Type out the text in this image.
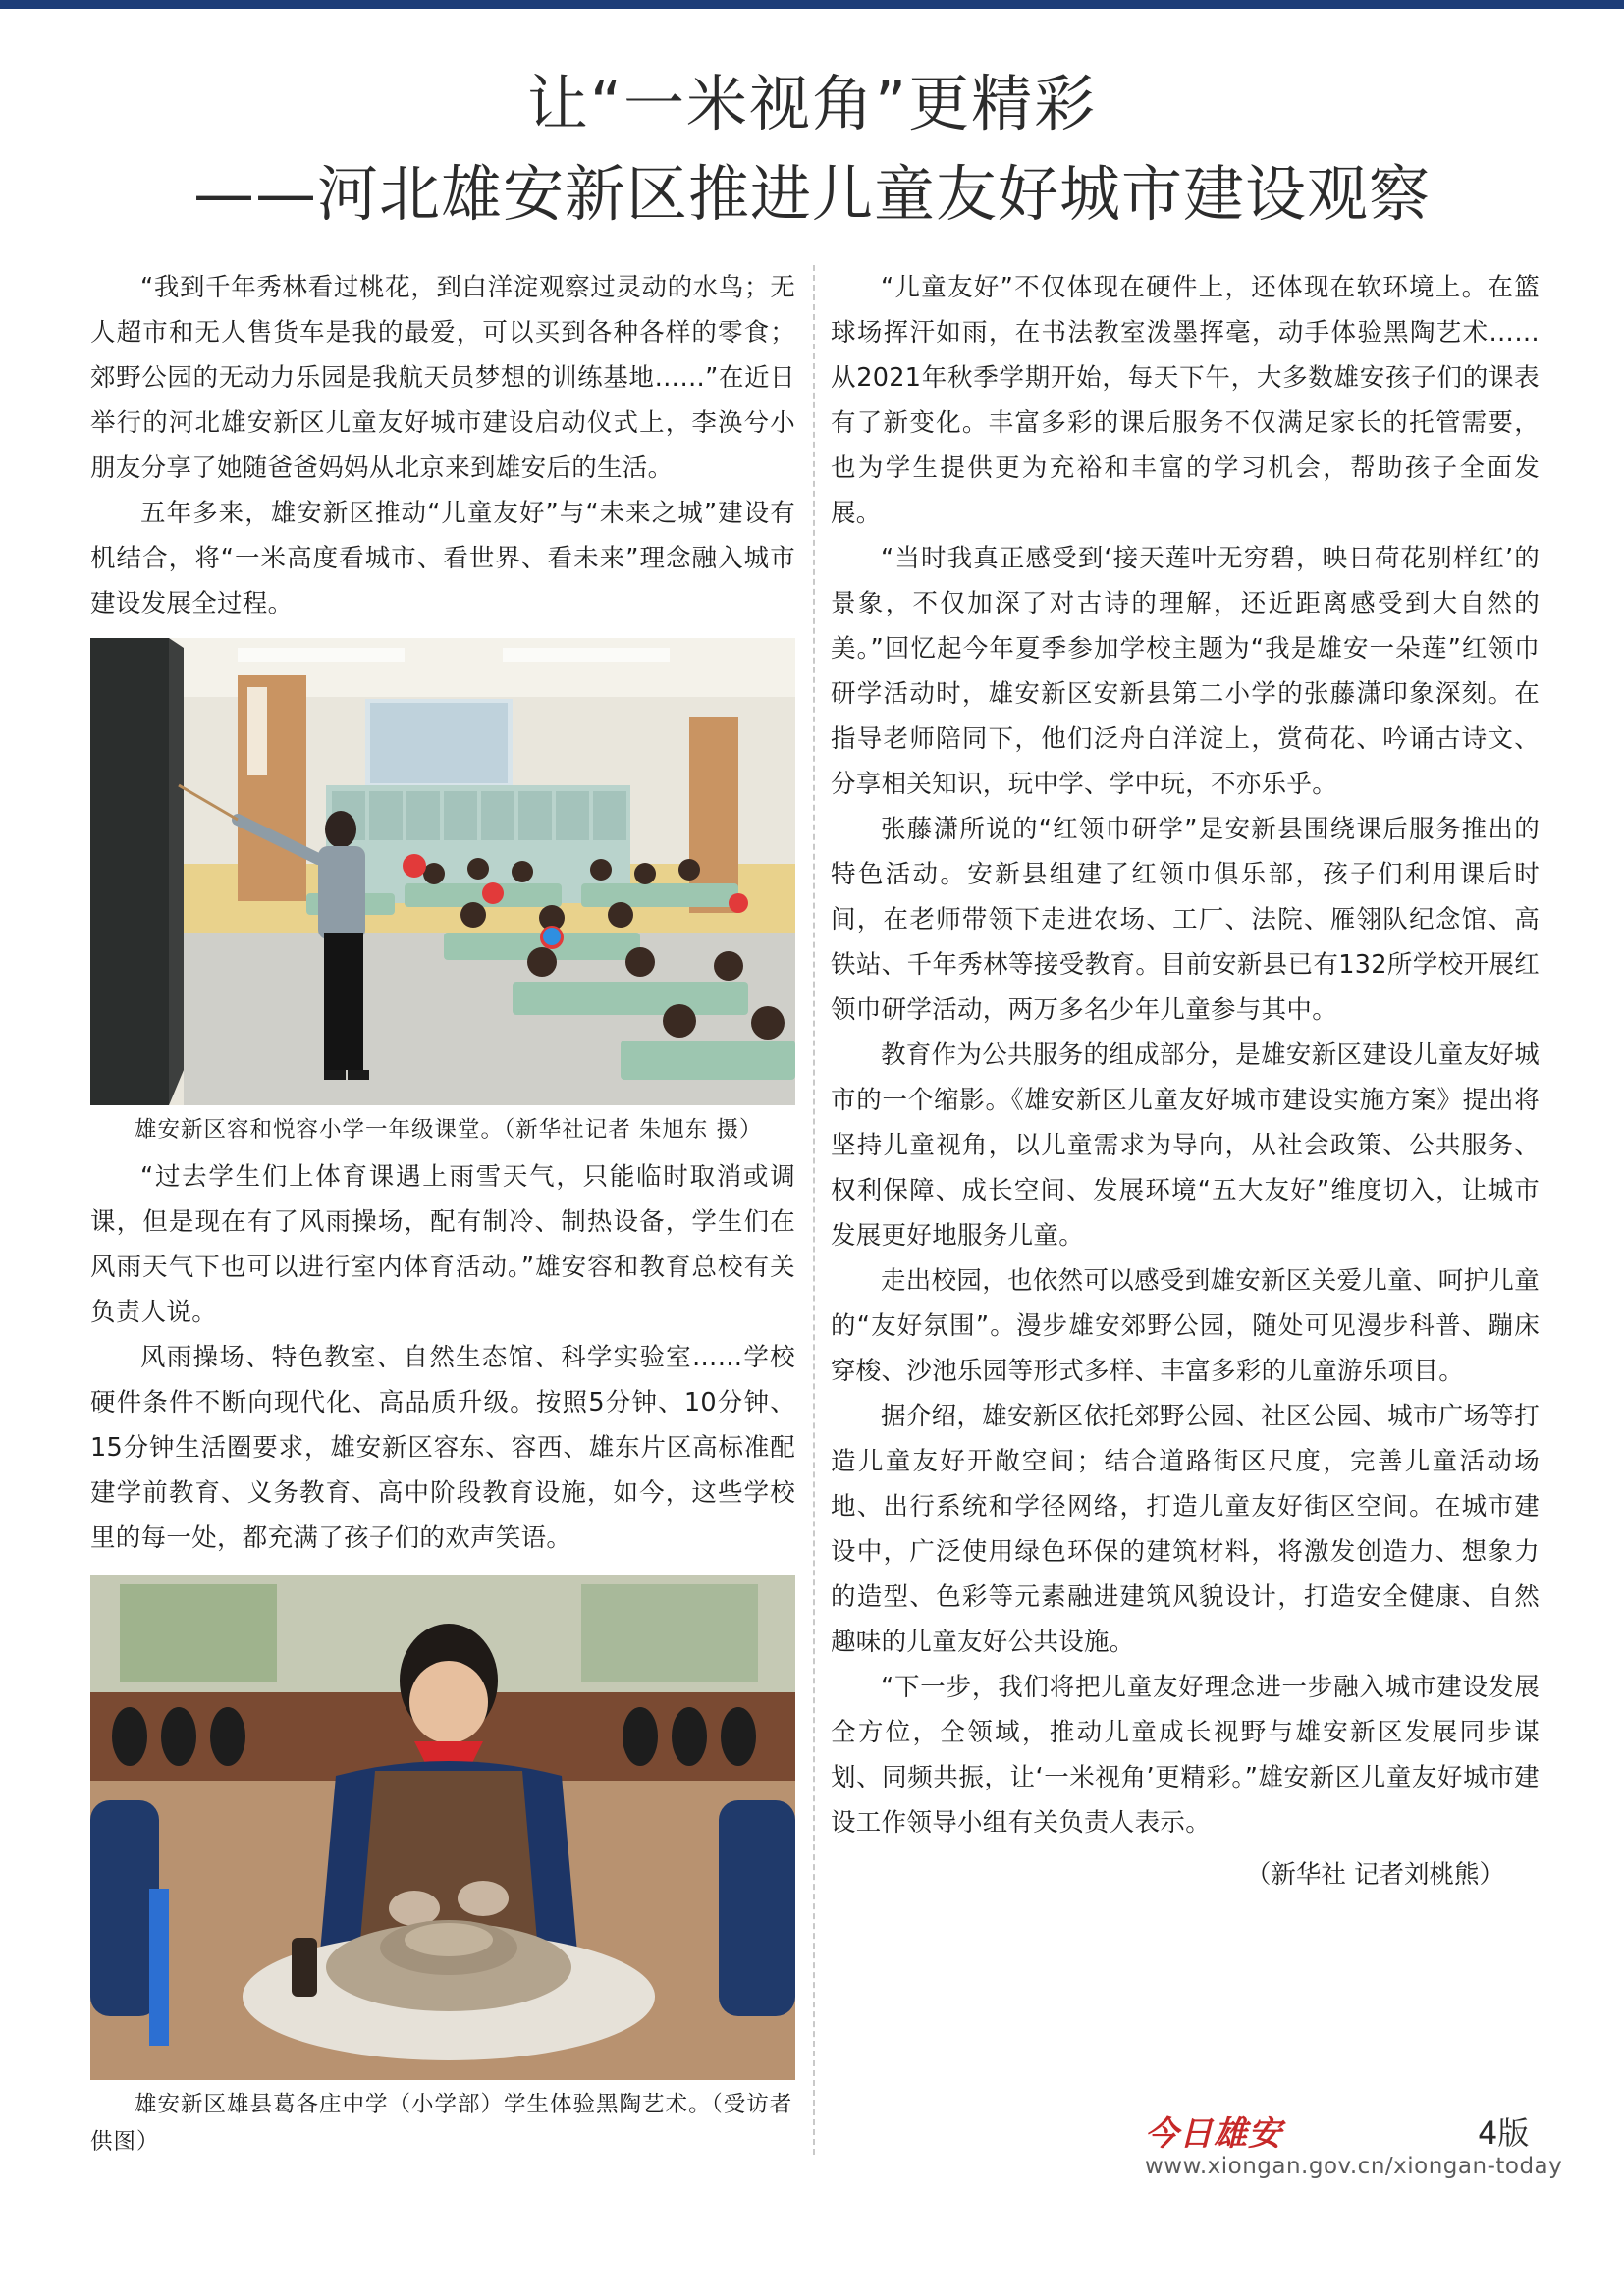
让“一米视角”更精彩
——河北雄安新区推进儿童友好城市建设观察

“我到千年秀林看过桃花，到白洋淀观察过灵动的水鸟；无人超市和无人售货车是我的最爱，可以买到各种各样的零食；郊野公园的无动力乐园是我航天员梦想的训练基地……”在近日举行的河北雄安新区儿童友好城市建设启动仪式上，李涣兮小朋友分享了她随爸爸妈妈从北京来到雄安后的生活。

五年多来，雄安新区推动“儿童友好”与“未来之城”建设有机结合，将“一米高度看城市、看世界、看未来”理念融入城市建设发展全过程。

雄安新区容和悦容小学一年级课堂。（新华社记者 朱旭东 摄）

“过去学生们上体育课遇上雨雪天气，只能临时取消或调课，但是现在有了风雨操场，配有制冷、制热设备，学生们在风雨天气下也可以进行室内体育活动。”雄安容和教育总校有关负责人说。

风雨操场、特色教室、自然生态馆、科学实验室……学校硬件条件不断向现代化、高品质升级。按照5分钟、10分钟、15分钟生活圈要求，雄安新区容东、容西、雄东片区高标准配建学前教育、义务教育、高中阶段教育设施，如今，这些学校里的每一处，都充满了孩子们的欢声笑语。

雄安新区雄县葛各庄中学（小学部）学生体验黑陶艺术。（受访者供图）

“儿童友好”不仅体现在硬件上，还体现在软环境上。在篮球场挥汗如雨，在书法教室泼墨挥毫，动手体验黑陶艺术……从2021年秋季学期开始，每天下午，大多数雄安孩子们的课表有了新变化。丰富多彩的课后服务不仅满足家长的托管需要，也为学生提供更为充裕和丰富的学习机会，帮助孩子全面发展。

“当时我真正感受到‘接天莲叶无穷碧，映日荷花别样红’的景象，不仅加深了对古诗的理解，还近距离感受到大自然的美。”回忆起今年夏季参加学校主题为“我是雄安一朵莲”红领巾研学活动时，雄安新区安新县第二小学的张藤潇印象深刻。在指导老师陪同下，他们泛舟白洋淀上，赏荷花、吟诵古诗文、分享相关知识，玩中学、学中玩，不亦乐乎。

张藤潇所说的“红领巾研学”是安新县围绕课后服务推出的特色活动。安新县组建了红领巾俱乐部，孩子们利用课后时间，在老师带领下走进农场、工厂、法院、雁翎队纪念馆、高铁站、千年秀林等接受教育。目前安新县已有132所学校开展红领巾研学活动，两万多名少年儿童参与其中。

教育作为公共服务的组成部分，是雄安新区建设儿童友好城市的一个缩影。《雄安新区儿童友好城市建设实施方案》提出将坚持儿童视角，以儿童需求为导向，从社会政策、公共服务、权利保障、成长空间、发展环境“五大友好”维度切入，让城市发展更好地服务儿童。

走出校园，也依然可以感受到雄安新区关爱儿童、呵护儿童的“友好氛围”。漫步雄安郊野公园，随处可见漫步科普、蹦床穿梭、沙池乐园等形式多样、丰富多彩的儿童游乐项目。

据介绍，雄安新区依托郊野公园、社区公园、城市广场等打造儿童友好开敞空间；结合道路街区尺度，完善儿童活动场地、出行系统和学径网络，打造儿童友好街区空间。在城市建设中，广泛使用绿色环保的建筑材料，将激发创造力、想象力的造型、色彩等元素融进建筑风貌设计，打造安全健康、自然趣味的儿童友好公共设施。

“下一步，我们将把儿童友好理念进一步融入城市建设发展全方位，全领域，推动儿童成长视野与雄安新区发展同步谋划、同频共振，让‘一米视角’更精彩。”雄安新区儿童友好城市建设工作领导小组有关负责人表示。

（新华社 记者刘桃熊）

今日雄安	4版
www.xiongan.gov.cn/xiongan-today
